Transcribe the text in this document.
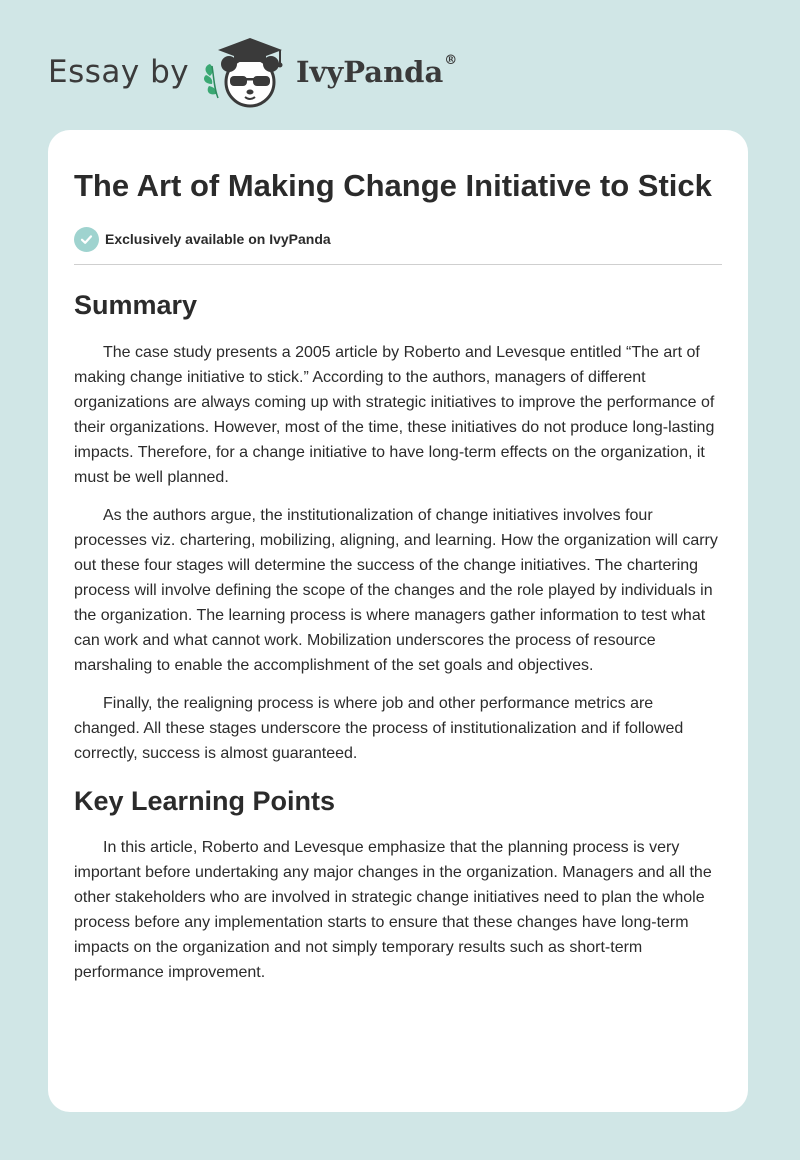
Essay by	IvyPanda®
The Art of Making Change Initiative to Stick
Exclusively available on IvyPanda
Summary

The case study presents a 2005 article by Roberto and Levesque entitled “The art of making change initiative to stick.” According to the authors, managers of different organizations are always coming up with strategic initiatives to improve the performance of their organizations. However, most of the time, these initiatives do not produce long-lasting impacts. Therefore, for a change initiative to have long-term effects on the organization, it must be well planned.

As the authors argue, the institutionalization of change initiatives involves four processes viz. chartering, mobilizing, aligning, and learning. How the organization will carry out these four stages will determine the success of the change initiatives. The chartering process will involve defining the scope of the changes and the role played by individuals in the organization. The learning process is where managers gather information to test what can work and what cannot work. Mobilization underscores the process of resource marshaling to enable the accomplishment of the set goals and objectives.

Finally, the realigning process is where job and other performance metrics are changed. All these stages underscore the process of institutionalization and if followed correctly, success is almost guaranteed.

Key Learning Points

In this article, Roberto and Levesque emphasize that the planning process is very important before undertaking any major changes in the organization. Managers and all the other stakeholders who are involved in strategic change initiatives need to plan the whole process before any implementation starts to ensure that these changes have long-term impacts on the organization and not simply temporary results such as short-term performance improvement.
